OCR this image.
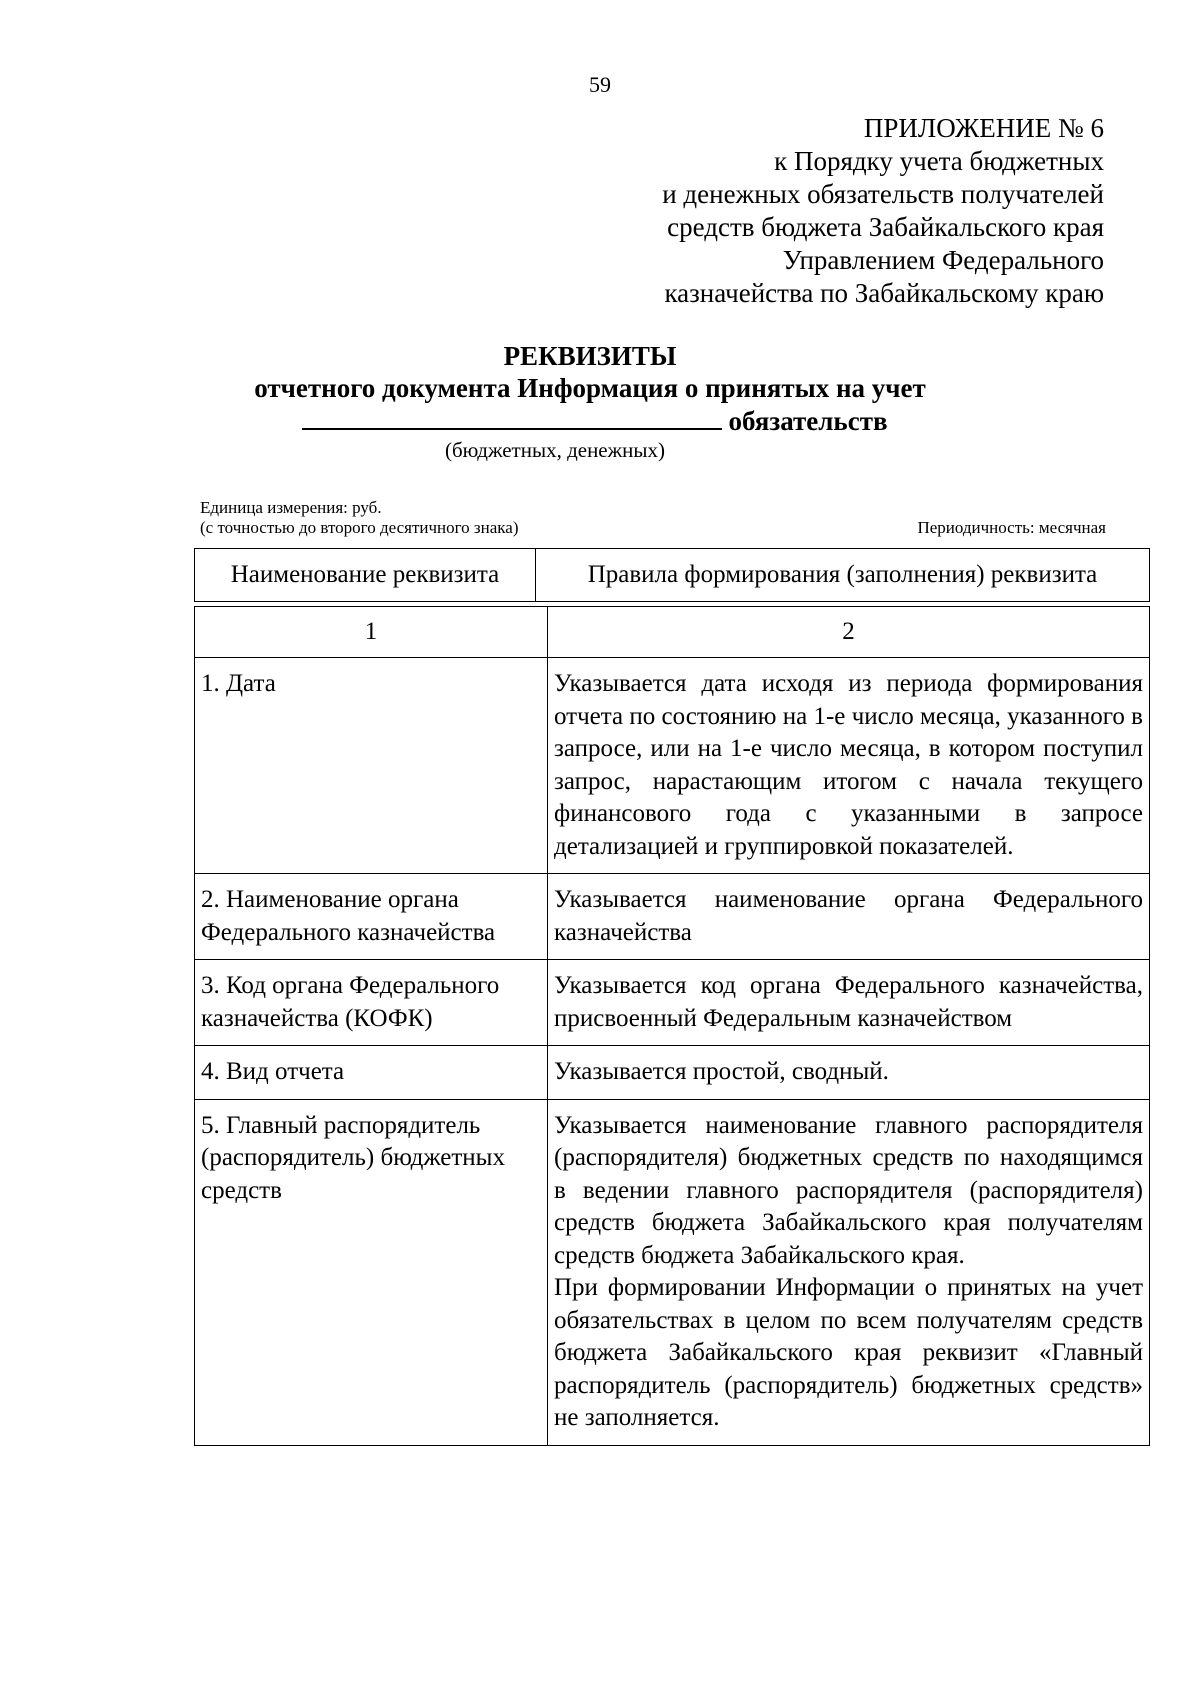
59
ПРИЛОЖЕНИЕ № 6
к Порядку учета бюджетных
и денежных обязательств получателей
средств бюджета Забайкальского края
Управлением Федерального
казначейства по Забайкальскому краю
РЕКВИЗИТЫ
отчетного документа Информация о принятых на учет
обязательств
(бюджетных, денежных)
Единица измерения: руб.
(с точностью до второго десятичного знака)	Периодичность: месячная
Наименование реквизита	Правила формирования (заполнения) реквизита
1	2
1. Дата	Указывается дата исходя из периода формирования отчета по состоянию на 1-е число месяца, указанного в запросе, или на 1-е число месяца, в котором поступил запрос, нарастающим итогом с начала текущего финансового года с указанными в запросе детализацией и группировкой показателей.

2. Наименование органа Федерального казначейства	Указывается наименование органа Федерального казначейства

3. Код органа Федерального казначейства (КОФК)	Указывается код органа Федерального казначейства, присвоенный Федеральным казначейством

4. Вид отчета	Указывается простой, сводный.

5. Главный распорядитель (распорядитель) бюджетных средств	Указывается наименование главного распорядителя (распорядителя) бюджетных средств по находящимся в ведении главного распорядителя (распорядителя) средств бюджета Забайкальского края получателям средств бюджета Забайкальского края.

При формировании Информации о принятых на учет обязательствах в целом по всем получателям средств бюджета Забайкальского края реквизит «Главный распорядитель (распорядитель) бюджетных средств» не заполняется.
